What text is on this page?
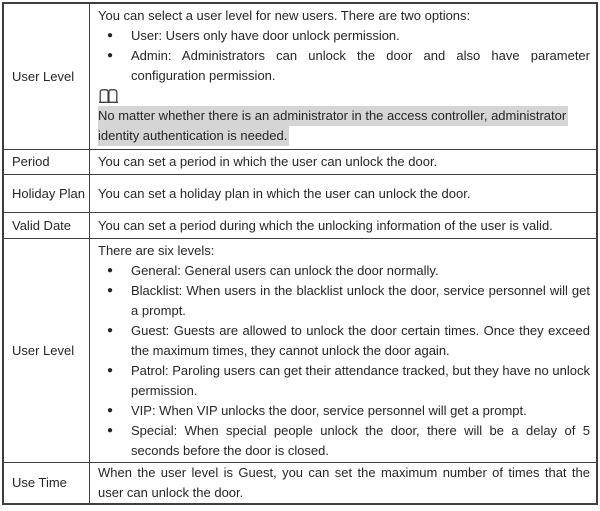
User Level
You can select a user level for new users. There are two options:
● User: Users only have door unlock permission.
● Admin: Administrators can unlock the door and also have parameter configuration permission.
No matter whether there is an administrator in the access controller, administrator
identity authentication is needed.
Period	You can set a period in which the user can unlock the door.
Holiday Plan You can set a holiday plan in which the user can unlock the door.
Valid Date You can set a period during which the unlocking information of the user is valid.
User Level
There are six levels:
● General: General users can unlock the door normally.
● Blacklist: When users in the blacklist unlock the door, service personnel will get a prompt.
● Guest: Guests are allowed to unlock the door certain times. Once they exceed the maximum times, they cannot unlock the door again.
● Patrol: Paroling users can get their attendance tracked, but they have no unlock permission.
● VIP: When VIP unlocks the door, service personnel will get a prompt.
● Special: When special people unlock the door, there will be a delay of 5 seconds before the door is closed.
Use Time
When the user level is Guest, you can set the maximum number of times that the user can unlock the door.
